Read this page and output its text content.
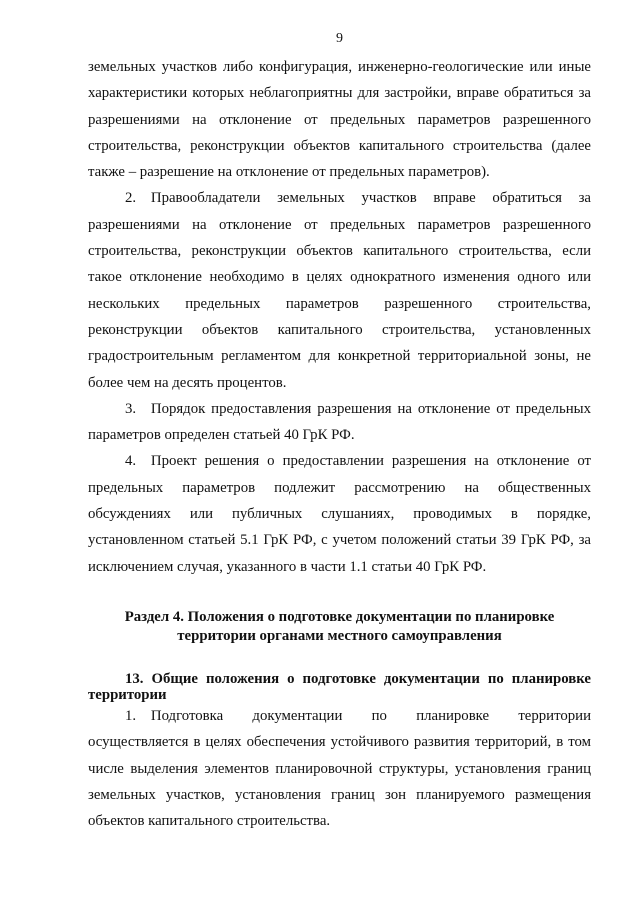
9

земельных участков либо конфигурация, инженерно-геологические или иные характеристики которых неблагоприятны для застройки, вправе обратиться за разрешениями на отклонение от предельных параметров разрешенного строительства, реконструкции объектов капитального строительства (далее также – разрешение на отклонение от предельных параметров).

2. Правообладатели земельных участков вправе обратиться за разрешениями на отклонение от предельных параметров разрешенного строительства, реконструкции объектов капитального строительства, если такое отклонение необходимо в целях однократного изменения одного или нескольких предельных параметров разрешенного строительства, реконструкции объектов капитального строительства, установленных градостроительным регламентом для конкретной территориальной зоны, не более чем на десять процентов.

3. Порядок предоставления разрешения на отклонение от предельных параметров определен статьей 40 ГрК РФ.

4. Проект решения о предоставлении разрешения на отклонение от предельных параметров подлежит рассмотрению на общественных обсуждениях или публичных слушаниях, проводимых в порядке, установленном статьей 5.1 ГрК РФ, с учетом положений статьи 39 ГрК РФ, за исключением случая, указанного в части 1.1 статьи 40 ГрК РФ.

Раздел 4. Положения о подготовке документации по планировке территории органами местного самоуправления
13. Общие положения о подготовке документации по планировке территории

1. Подготовка документации по планировке территории осуществляется в целях обеспечения устойчивого развития территорий, в том числе выделения элементов планировочной структуры, установления границ земельных участков, установления границ зон планируемого размещения объектов капитального строительства.
